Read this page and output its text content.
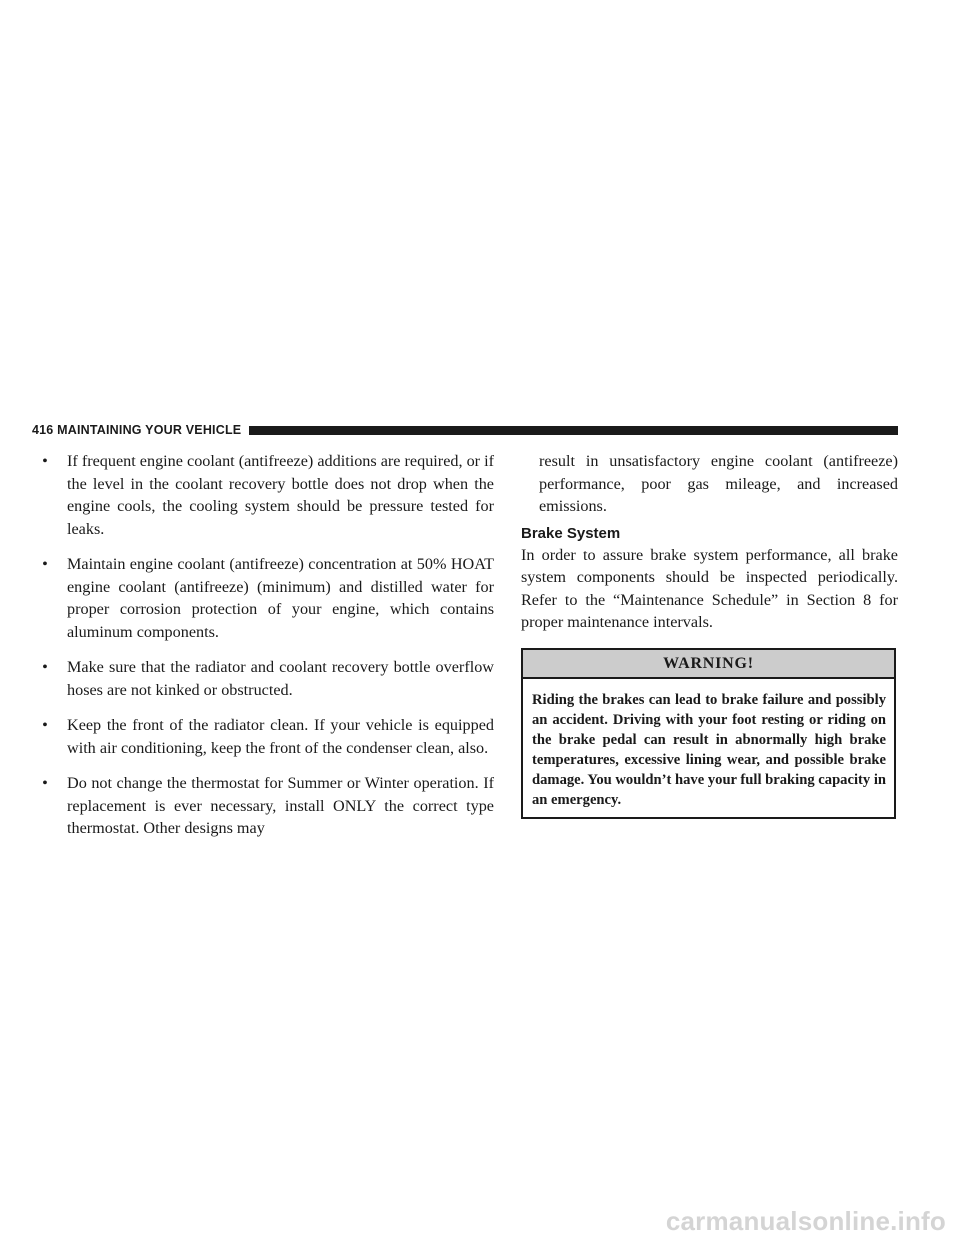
416 MAINTAINING YOUR VEHICLE
• If frequent engine coolant (antifreeze) additions are required, or if the level in the coolant recovery bottle does not drop when the engine cools, the cooling system should be pressure tested for leaks.
• Maintain engine coolant (antifreeze) concentration at 50% HOAT engine coolant (antifreeze) (minimum) and distilled water for proper corrosion protection of your engine, which contains aluminum components.
• Make sure that the radiator and coolant recovery bottle overflow hoses are not kinked or obstructed.
• Keep the front of the radiator clean. If your vehicle is equipped with air conditioning, keep the front of the condenser clean, also.
• Do not change the thermostat for Summer or Winter operation. If replacement is ever necessary, install ONLY the correct type thermostat. Other designs may

result in unsatisfactory engine coolant (antifreeze) performance, poor gas mileage, and increased emissions.

Brake System

In order to assure brake system performance, all brake system components should be inspected periodically. Refer to the “Maintenance Schedule” in Section 8 for proper maintenance intervals.

WARNING!
Riding the brakes can lead to brake failure and possibly an accident. Driving with your foot resting or riding on the brake pedal can result in abnormally high brake temperatures, excessive lining wear, and possible brake damage. You wouldn’t have your full braking capacity in an emergency.
carmanualsonline.info
